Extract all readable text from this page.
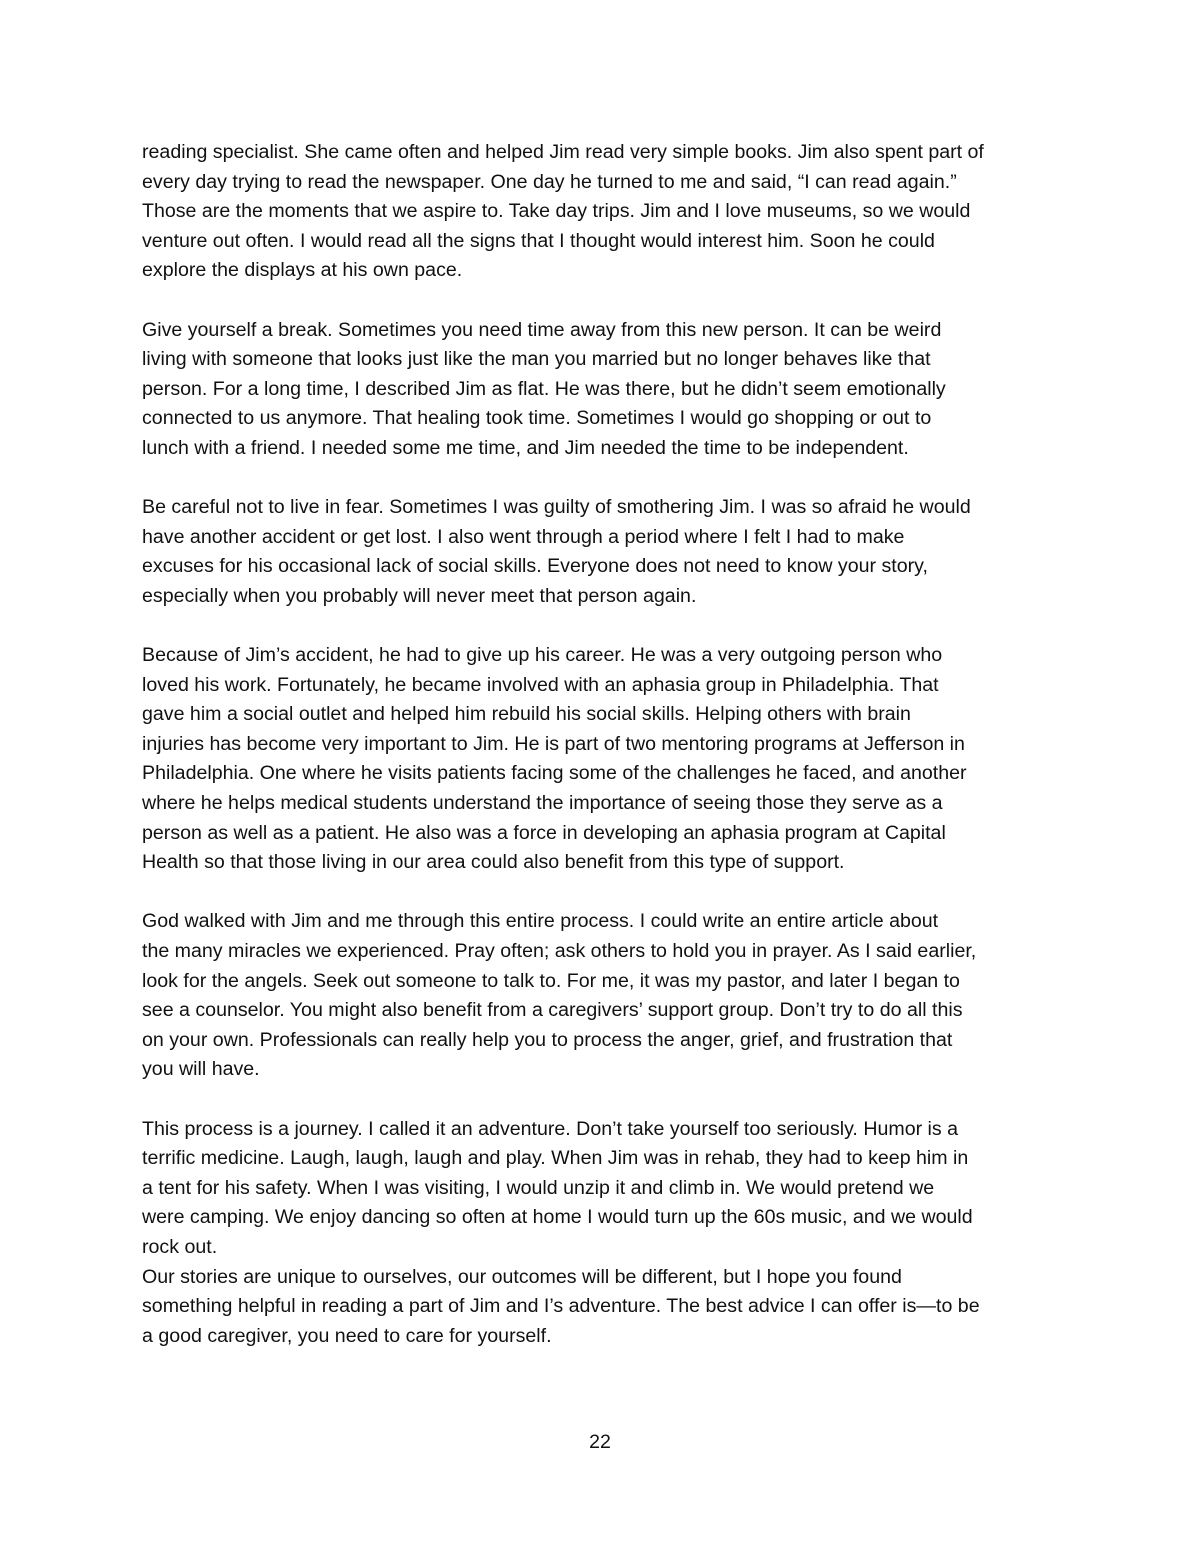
reading specialist. She came often and helped Jim read very simple books. Jim also spent part of
every day trying to read the newspaper. One day he turned to me and said, “I can read again.”
Those are the moments that we aspire to. Take day trips. Jim and I love museums, so we would
venture out often. I would read all the signs that I thought would interest him. Soon he could
explore the displays at his own pace.

Give yourself a break. Sometimes you need time away from this new person. It can be weird
living with someone that looks just like the man you married but no longer behaves like that
person. For a long time, I described Jim as flat. He was there, but he didn’t seem emotionally
connected to us anymore. That healing took time. Sometimes I would go shopping or out to
lunch with a friend. I needed some me time, and Jim needed the time to be independent.

Be careful not to live in fear. Sometimes I was guilty of smothering Jim. I was so afraid he would
have another accident or get lost. I also went through a period where I felt I had to make
excuses for his occasional lack of social skills. Everyone does not need to know your story,
especially when you probably will never meet that person again.

Because of Jim’s accident, he had to give up his career. He was a very outgoing person who
loved his work. Fortunately, he became involved with an aphasia group in Philadelphia. That
gave him a social outlet and helped him rebuild his social skills. Helping others with brain
injuries has become very important to Jim. He is part of two mentoring programs at Jefferson in
Philadelphia. One where he visits patients facing some of the challenges he faced, and another
where he helps medical students understand the importance of seeing those they serve as a
person as well as a patient. He also was a force in developing an aphasia program at Capital
Health so that those living in our area could also benefit from this type of support.

God walked with Jim and me through this entire process. I could write an entire article about
the many miracles we experienced. Pray often; ask others to hold you in prayer. As I said earlier,
look for the angels. Seek out someone to talk to. For me, it was my pastor, and later I began to
see a counselor. You might also benefit from a caregivers’ support group. Don’t try to do all this
on your own. Professionals can really help you to process the anger, grief, and frustration that
you will have.

This process is a journey. I called it an adventure. Don’t take yourself too seriously. Humor is a
terrific medicine. Laugh, laugh, laugh and play. When Jim was in rehab, they had to keep him in
a tent for his safety. When I was visiting, I would unzip it and climb in. We would pretend we
were camping. We enjoy dancing so often at home I would turn up the 60s music, and we would
rock out.

Our stories are unique to ourselves, our outcomes will be different, but I hope you found
something helpful in reading a part of Jim and I’s adventure. The best advice I can offer is—to be
a good caregiver, you need to care for yourself.

22
